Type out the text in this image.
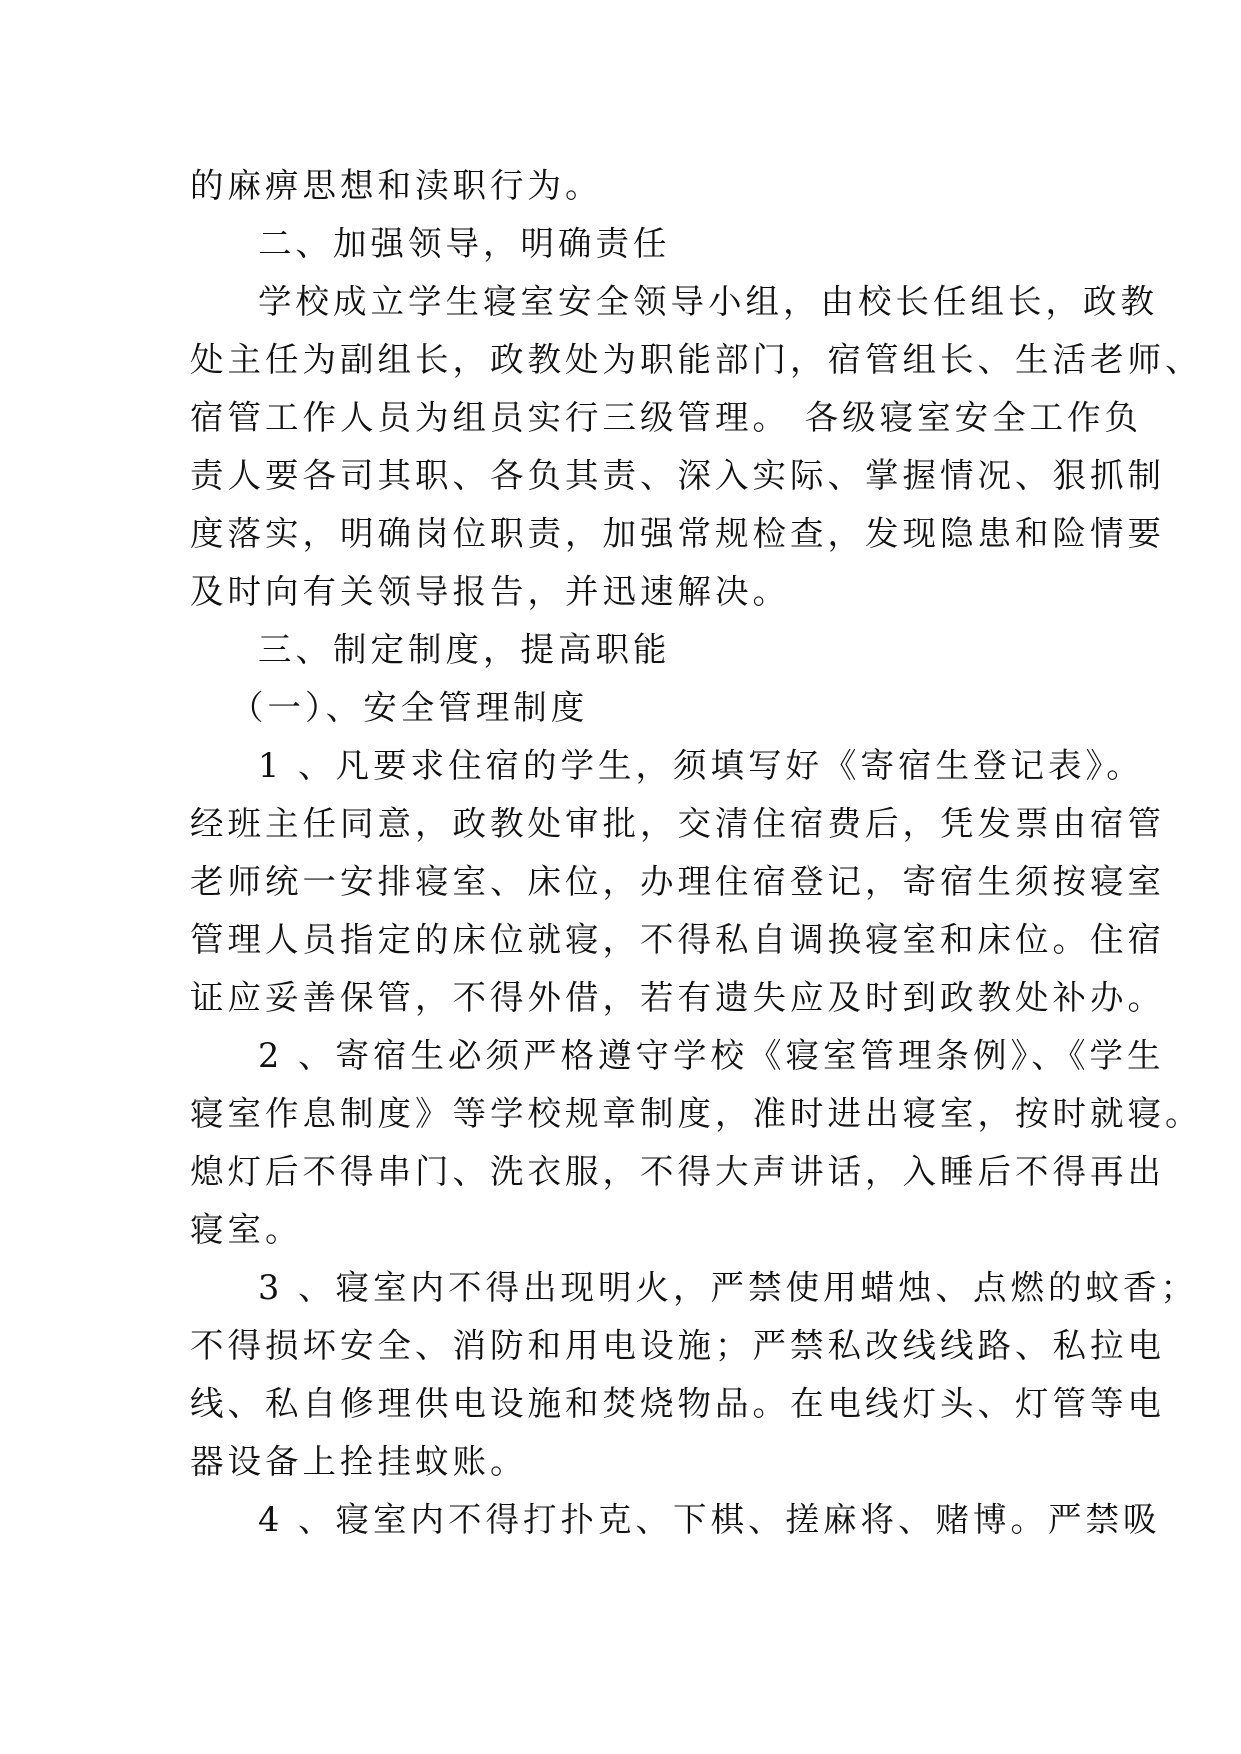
的麻痹思想和渎职行为。
二、加强领导，明确责任
学校成立学生寝室安全领导小组，由校长任组长，政教
处主任为副组长，政教处为职能部门，宿管组长、生活老师、
宿管工作人员为组员实行三级管理。 各级寝室安全工作负
责人要各司其职、各负其责、深入实际、掌握情况、狠抓制
度落实，明确岗位职责，加强常规检查，发现隐患和险情要
及时向有关领导报告，并迅速解决。
三、制定制度，提高职能
（一）、安全管理制度
1 、凡要求住宿的学生，须填写好《寄宿生登记表》。
经班主任同意，政教处审批，交清住宿费后，凭发票由宿管
老师统一安排寝室、床位，办理住宿登记，寄宿生须按寝室
管理人员指定的床位就寝，不得私自调换寝室和床位。住宿
证应妥善保管，不得外借，若有遗失应及时到政教处补办。
2 、寄宿生必须严格遵守学校《寝室管理条例》、《学生
寝室作息制度》等学校规章制度，准时进出寝室，按时就寝。
熄灯后不得串门、洗衣服，不得大声讲话，入睡后不得再出
寝室。
3 、寝室内不得出现明火，严禁使用蜡烛、点燃的蚊香；
不得损坏安全、消防和用电设施；严禁私改线线路、私拉电
线、私自修理供电设施和焚烧物品。在电线灯头、灯管等电
器设备上拴挂蚊账。
4 、寝室内不得打扑克、下棋、搓麻将、赌博。严禁吸
